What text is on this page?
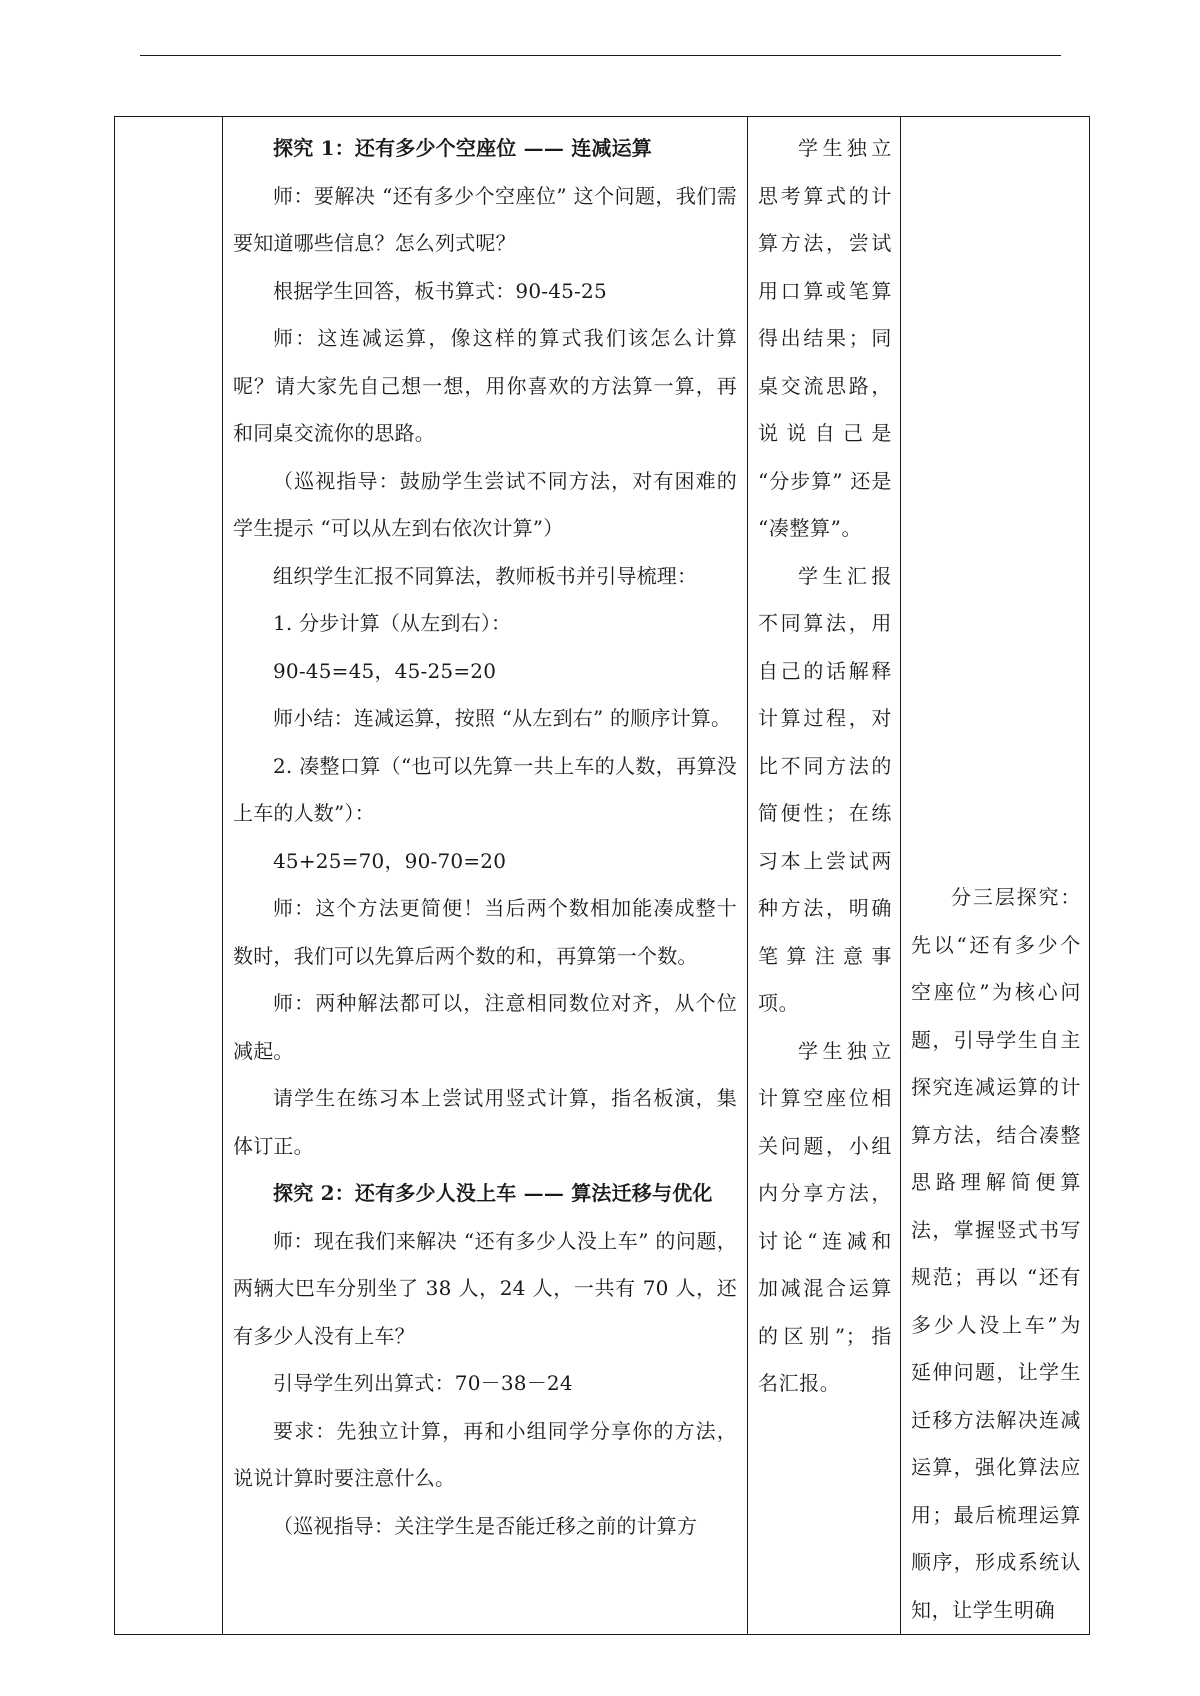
探究 1：还有多少个空座位 —— 连减运算

师：要解决 “还有多少个空座位” 这个问题，我们需要知道哪些信息？怎么列式呢？

根据学生回答，板书算式：90-45-25

师：这连减运算，像这样的算式我们该怎么计算呢？请大家先自己想一想，用你喜欢的方法算一算，再和同桌交流你的思路。

（巡视指导：鼓励学生尝试不同方法，对有困难的学生提示 “可以从左到右依次计算”）

组织学生汇报不同算法，教师板书并引导梳理：

1. 分步计算（从左到右）：

90-45=45，45-25=20

师小结：连减运算，按照 “从左到右” 的顺序计算。

2. 凑整口算（“也可以先算一共上车的人数，再算没上车的人数”）：

45+25=70，90-70=20

师：这个方法更简便！当后两个数相加能凑成整十数时，我们可以先算后两个数的和，再算第一个数。

师：两种解法都可以，注意相同数位对齐，从个位减起。

请学生在练习本上尝试用竖式计算，指名板演，集体订正。

探究 2：还有多少人没上车 —— 算法迁移与优化

师：现在我们来解决 “还有多少人没上车” 的问题，两辆大巴车分别坐了 38 人，24 人，一共有 70 人，还有多少人没有上车？

引导学生列出算式：70－38－24

要求：先独立计算，再和小组同学分享你的方法，说说计算时要注意什么。

（巡视指导：关注学生是否能迁移之前的计算方

学生独立思考算式的计算方法，尝试用口算或笔算得出结果；同桌交流思路，说说自己是 “分步算” 还是 “凑整算”。

学生汇报不同算法，用自己的话解释计算过程，对比不同方法的简便性；在练习本上尝试两种方法，明确笔算注意事项。

学生独立计算空座位相关问题，小组内分享方法，讨论“连减和加减混合运算的区别”；指名汇报。

分三层探究：先以“还有多少个空座位”为核心问题，引导学生自主探究连减运算的计算方法，结合凑整思路理解简便算法，掌握竖式书写规范；再以 “还有多少人没上车”为延伸问题，让学生迁移方法解决连减运算，强化算法应用；最后梳理运算顺序，形成系统认知，让学生明确
